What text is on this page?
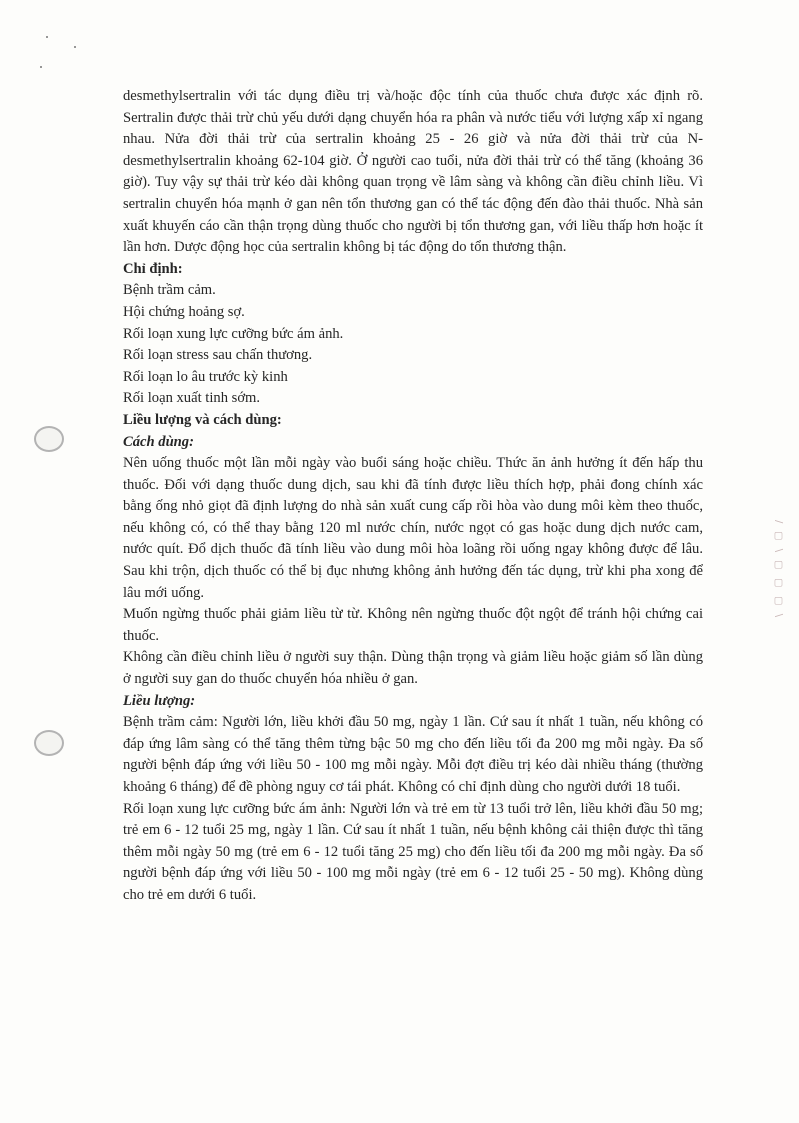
/ ▢ \ ▢ ▢ ▢ \

desmethylsertralin với tác dụng điều trị và/hoặc độc tính của thuốc chưa được xác định rõ. Sertralin được thải trừ chủ yếu dưới dạng chuyển hóa ra phân và nước tiểu với lượng xấp xỉ ngang nhau. Nửa đời thải trừ của sertralin khoảng 25 - 26 giờ và nửa đời thải trừ của N-desmethylsertralin khoảng 62-104 giờ. Ở người cao tuổi, nửa đời thải trừ có thể tăng (khoảng 36 giờ). Tuy vậy sự thải trừ kéo dài không quan trọng về lâm sàng và không cần điều chỉnh liều. Vì sertralin chuyển hóa mạnh ở gan nên tổn thương gan có thể tác động đến đào thải thuốc. Nhà sản xuất khuyến cáo cần thận trọng dùng thuốc cho người bị tổn thương gan, với liều thấp hơn hoặc ít lần hơn. Dược động học của sertralin không bị tác động do tổn thương thận.

Chỉ định:

Bệnh trầm cảm.

Hội chứng hoảng sợ.

Rối loạn xung lực cưỡng bức ám ảnh.

Rối loạn stress sau chấn thương.

Rối loạn lo âu trước kỳ kinh

Rối loạn xuất tinh sớm.

Liều lượng và cách dùng:

Cách dùng:

Nên uống thuốc một lần mỗi ngày vào buổi sáng hoặc chiều. Thức ăn ảnh hưởng ít đến hấp thu thuốc. Đối với dạng thuốc dung dịch, sau khi đã tính được liều thích hợp, phải đong chính xác bằng ống nhỏ giọt đã định lượng do nhà sản xuất cung cấp rồi hòa vào dung môi kèm theo thuốc, nếu không có, có thể thay bằng 120 ml nước chín, nước ngọt có gas hoặc dung dịch nước cam, nước quít. Đổ dịch thuốc đã tính liều vào dung môi hòa loãng rồi uống ngay không được để lâu. Sau khi trộn, dịch thuốc có thể bị đục nhưng không ảnh hưởng đến tác dụng, trừ khi pha xong để lâu mới uống.

Muốn ngừng thuốc phải giảm liều từ từ. Không nên ngừng thuốc đột ngột để tránh hội chứng cai thuốc.

Không cần điều chỉnh liều ở người suy thận. Dùng thận trọng và giảm liều hoặc giảm số lần dùng ở người suy gan do thuốc chuyển hóa nhiều ở gan.

Liều lượng:

Bệnh trầm cảm: Người lớn, liều khởi đầu 50 mg, ngày 1 lần. Cứ sau ít nhất 1 tuần, nếu không có đáp ứng lâm sàng có thể tăng thêm từng bậc 50 mg cho đến liều tối đa 200 mg mỗi ngày. Đa số người bệnh đáp ứng với liều 50 - 100 mg mỗi ngày. Mỗi đợt điều trị kéo dài nhiều tháng (thường khoảng 6 tháng) để đề phòng nguy cơ tái phát. Không có chỉ định dùng cho người dưới 18 tuổi.

Rối loạn xung lực cưỡng bức ám ảnh: Người lớn và trẻ em từ 13 tuổi trở lên, liều khởi đầu 50 mg; trẻ em 6 - 12 tuổi 25 mg, ngày 1 lần. Cứ sau ít nhất 1 tuần, nếu bệnh không cải thiện được thì tăng thêm mỗi ngày 50 mg (trẻ em 6 - 12 tuổi tăng 25 mg) cho đến liều tối đa 200 mg mỗi ngày. Đa số người bệnh đáp ứng với liều 50 - 100 mg mỗi ngày (trẻ em 6 - 12 tuổi 25 - 50 mg). Không dùng cho trẻ em dưới 6 tuổi.
